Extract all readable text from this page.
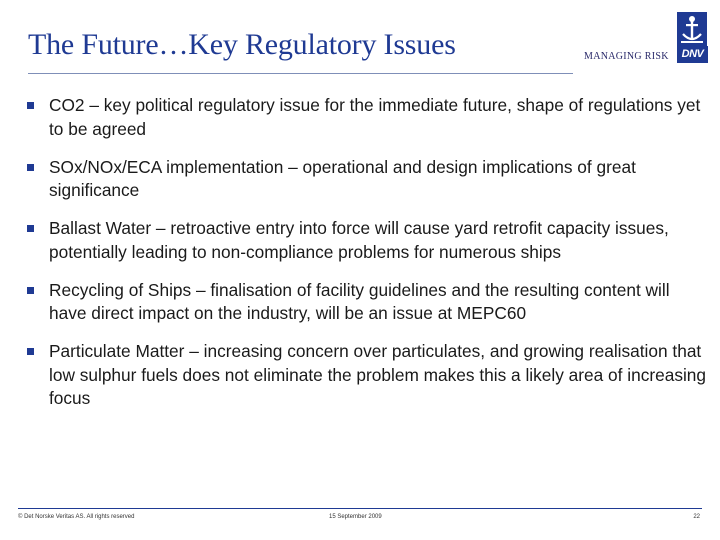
The Future…Key Regulatory Issues	MANAGING RISK	DNV
CO2 – key political regulatory issue for the immediate future, shape of regulations yet to be agreed
SOx/NOx/ECA implementation – operational and design implications of great significance
Ballast Water – retroactive entry into force will cause yard retrofit capacity issues, potentially leading to non-compliance problems for numerous ships
Recycling of Ships – finalisation of facility guidelines and the resulting content will have direct impact on the industry, will be an issue at MEPC60
Particulate Matter – increasing concern over particulates, and growing realisation that low sulphur fuels does not eliminate the problem makes this a likely area of increasing focus
© Det Norske Veritas AS. All rights reserved	15 September 2009	22
